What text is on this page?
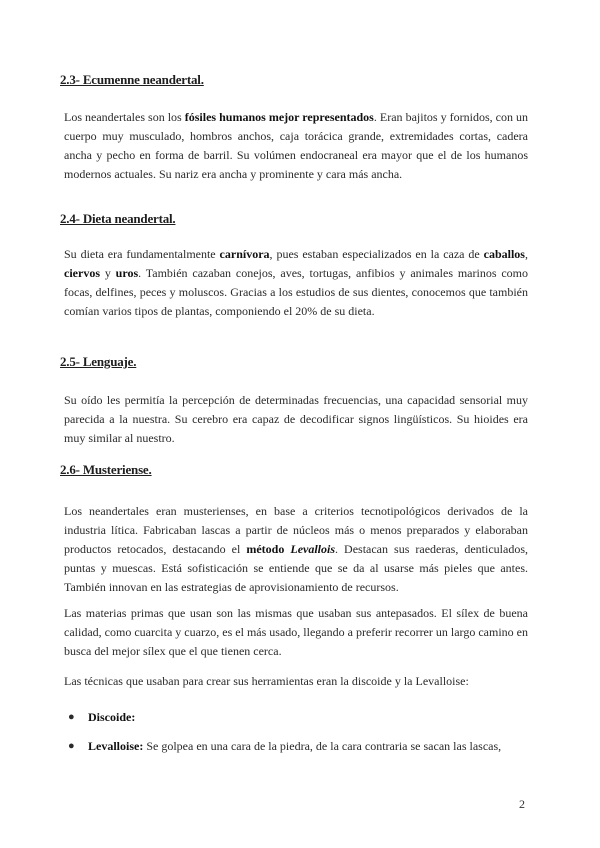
2.3- Ecumenne neandertal.

Los neandertales son los fósiles humanos mejor representados. Eran bajitos y fornidos, con un cuerpo muy musculado, hombros anchos, caja torácica grande, extremidades cortas, cadera ancha y pecho en forma de barril. Su volúmen endocraneal era mayor que el de los humanos modernos actuales. Su nariz era ancha y prominente y cara más ancha.

2.4- Dieta neandertal.

Su dieta era fundamentalmente carnívora, pues estaban especializados en la caza de caballos, ciervos y uros. También cazaban conejos, aves, tortugas, anfibios y animales marinos como focas, delfines, peces y moluscos. Gracias a los estudios de sus dientes, conocemos que también comían varios tipos de plantas, componiendo el 20% de su dieta.

2.5- Lenguaje.

Su oído les permitía la percepción de determinadas frecuencias, una capacidad sensorial muy parecida a la nuestra. Su cerebro era capaz de decodificar signos lingüísticos. Su hioides era muy similar al nuestro.

2.6- Musteriense.

Los neandertales eran musterienses, en base a criterios tecnotipológicos derivados de la industria lítica. Fabricaban lascas a partir de núcleos más o menos preparados y elaboraban productos retocados, destacando el método Levallois. Destacan sus raederas, denticulados, puntas y muescas. Está sofisticación se entiende que se da al usarse más pieles que antes. También innovan en las estrategias de aprovisionamiento de recursos.

Las materias primas que usan son las mismas que usaban sus antepasados. El sílex de buena calidad, como cuarcita y cuarzo, es el más usado, llegando a preferir recorrer un largo camino en busca del mejor sílex que el que tienen cerca.

Las técnicas que usaban para crear sus herramientas eran la discoide y la Levalloise:

● Discoide:
● Levalloise: Se golpea en una cara de la piedra, de la cara contraria se sacan las lascas,

2
